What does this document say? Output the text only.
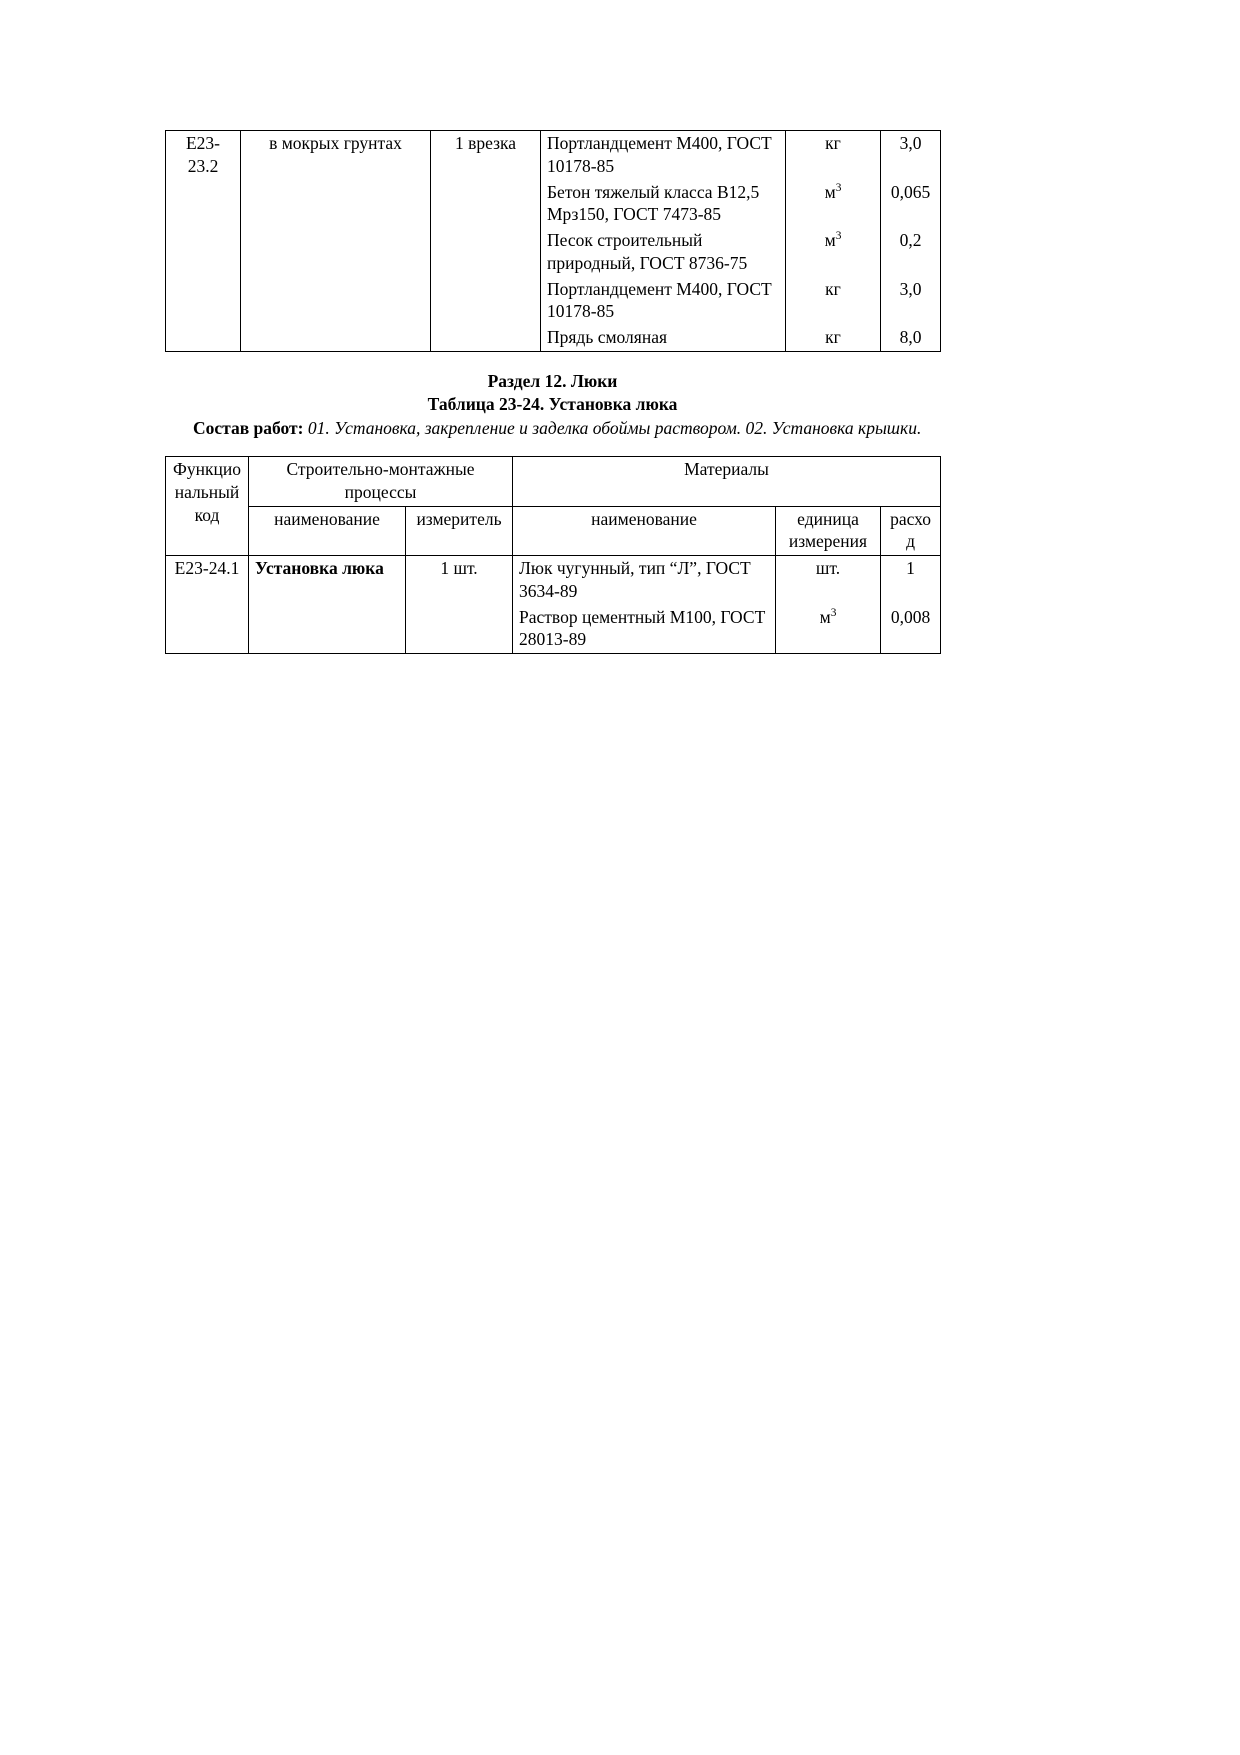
Е23-23.2	в мокрых грунтах	1 врезка	Портландцемент М400, ГОСТ 10178-85	кг	3,0
			Бетон тяжелый класса В12,5 Мрз150, ГОСТ 7473-85	$м^3$	0,065
			Песок строительный природный, ГОСТ 8736-75	$м^3$	0,2
			Портландцемент М400, ГОСТ 10178-85	кг	3,0
			Прядь смоляная	кг	8,0
Раздел 12. Люки
Таблица 23-24. Установка люка

Состав работ: 01. Установка, закрепление и заделка обоймы раствором. 02. Установка крышки.

Функцио
нальный
код	Строительно-монтажные процессы		Материалы		
	наименование	измеритель	наименование	единица измерения	расход
Е23-24.1	Установка люка	1 шт.	Люк чугунный, тип “Л”, ГОСТ 3634-89	шт.	1
			Раствор цементный М100, ГОСТ 28013-89	$м^3$	0,008
